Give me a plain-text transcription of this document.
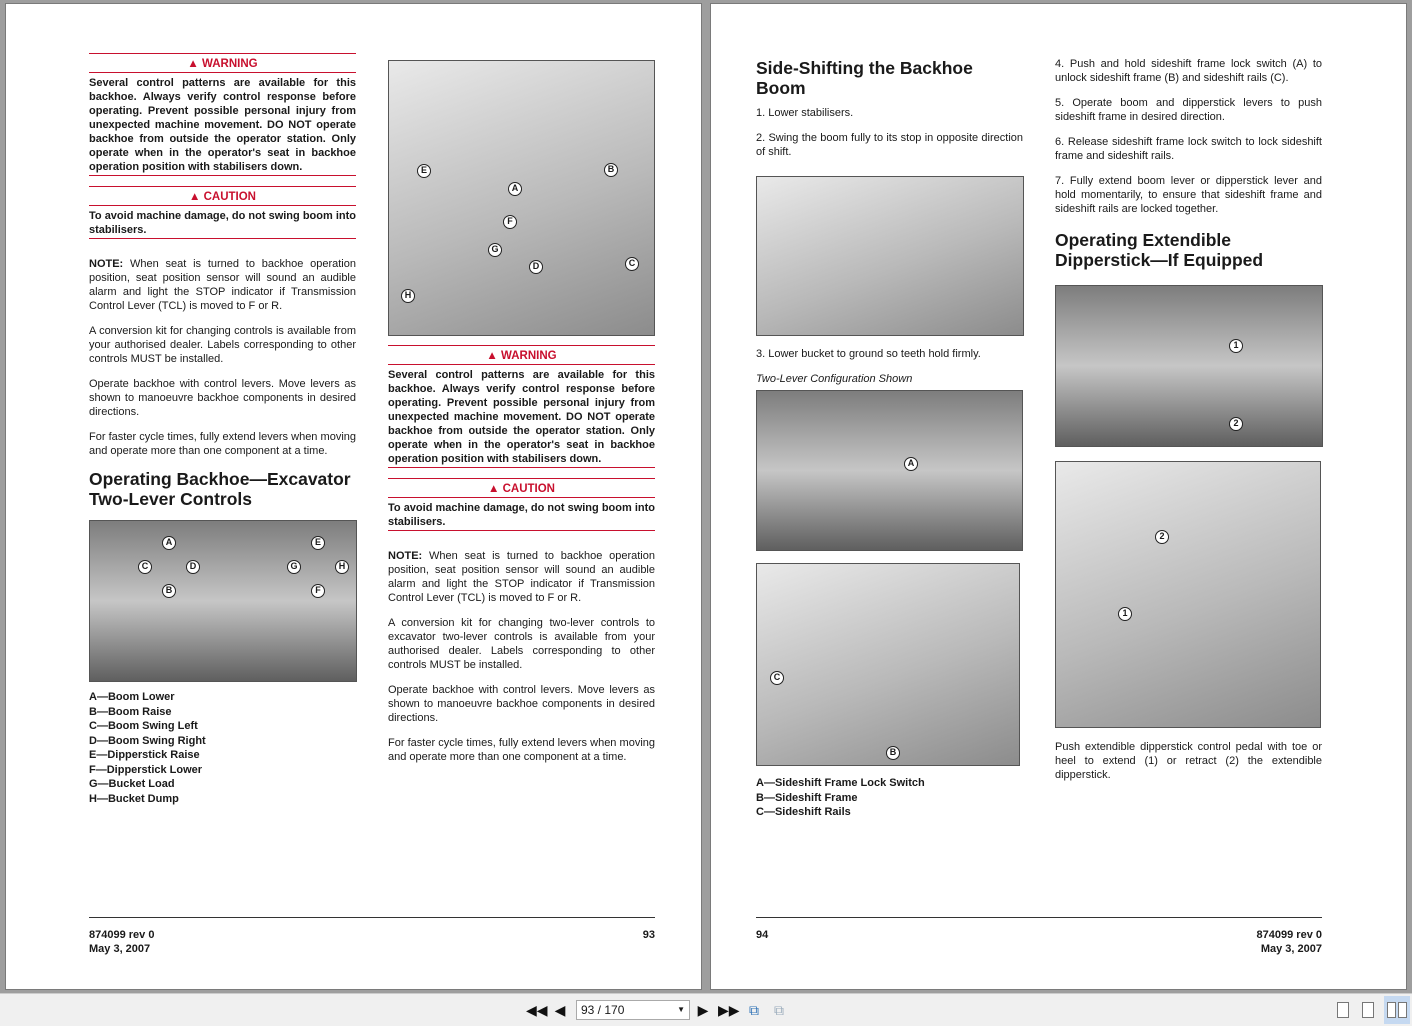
▲ WARNING
Several control patterns are available for this backhoe. Always verify control response before operating. Prevent possible personal injury from unexpected machine movement. DO NOT operate backhoe from outside the operator station. Only operate when in the operator's seat in backhoe operation position with stabilisers down.
▲ CAUTION
To avoid machine damage, do not swing boom into stabilisers.
NOTE: When seat is turned to backhoe operation position, seat position sensor will sound an audible alarm and light the STOP indicator if Transmission Control Lever (TCL) is moved to F or R.
A conversion kit for changing controls is available from your authorised dealer. Labels corresponding to other controls MUST be installed.
Operate backhoe with control levers. Move levers as shown to manoeuvre backhoe components in desired directions.
For faster cycle times, fully extend levers when moving and operate more than one component at a time.
Operating Backhoe—Excavator Two-Lever Controls
A
C	D
B
E
G	H
F
A—Boom Lower
B—Boom Raise
C—Boom Swing Left
D—Boom Swing Right
E—Dipperstick Raise
F—Dipperstick Lower
G—Bucket Load
H—Bucket Dump
E
A
B
F
G
D	C
H
▲ WARNING
Several control patterns are available for this backhoe. Always verify control response before operating. Prevent possible personal injury from unexpected machine movement. DO NOT operate backhoe from outside the operator station. Only operate when in the operator's seat in backhoe operation position with stabilisers down.
▲ CAUTION
To avoid machine damage, do not swing boom into stabilisers.
NOTE: When seat is turned to backhoe operation position, seat position sensor will sound an audible alarm and light the STOP indicator if Transmission Control Lever (TCL) is moved to F or R.
A conversion kit for changing two-lever controls to excavator two-lever controls is available from your authorised dealer. Labels corresponding to other controls MUST be installed.
Operate backhoe with control levers. Move levers as shown to manoeuvre backhoe components in desired directions.
For faster cycle times, fully extend levers when moving and operate more than one component at a time.
874099 rev 0
May 3, 2007
93
Side-Shifting the Backhoe Boom
1. Lower stabilisers.
2. Swing the boom fully to its stop in opposite direction of shift.
3. Lower bucket to ground so teeth hold firmly.
Two-Lever Configuration Shown
A
C
B
A—Sideshift Frame Lock Switch
B—Sideshift Frame
C—Sideshift Rails
4. Push and hold sideshift frame lock switch (A) to unlock sideshift frame (B) and sideshift rails (C).
5. Operate boom and dipperstick levers to push sideshift frame in desired direction.
6. Release sideshift frame lock switch to lock sideshift frame and sideshift rails.
7. Fully extend boom lever or dipperstick lever and hold momentarily, to ensure that sideshift frame and sideshift rails are locked together.
Operating Extendible Dipperstick—If Equipped
1
2
2
1
Push extendible dipperstick control pedal with toe or heel to extend (1) or retract (2) the extendible dipperstick.
94	874099 rev 0
May 3, 2007
◀◀ ◀	93 / 170	▼ ▶ ▶▶ ⧉ ⧉
